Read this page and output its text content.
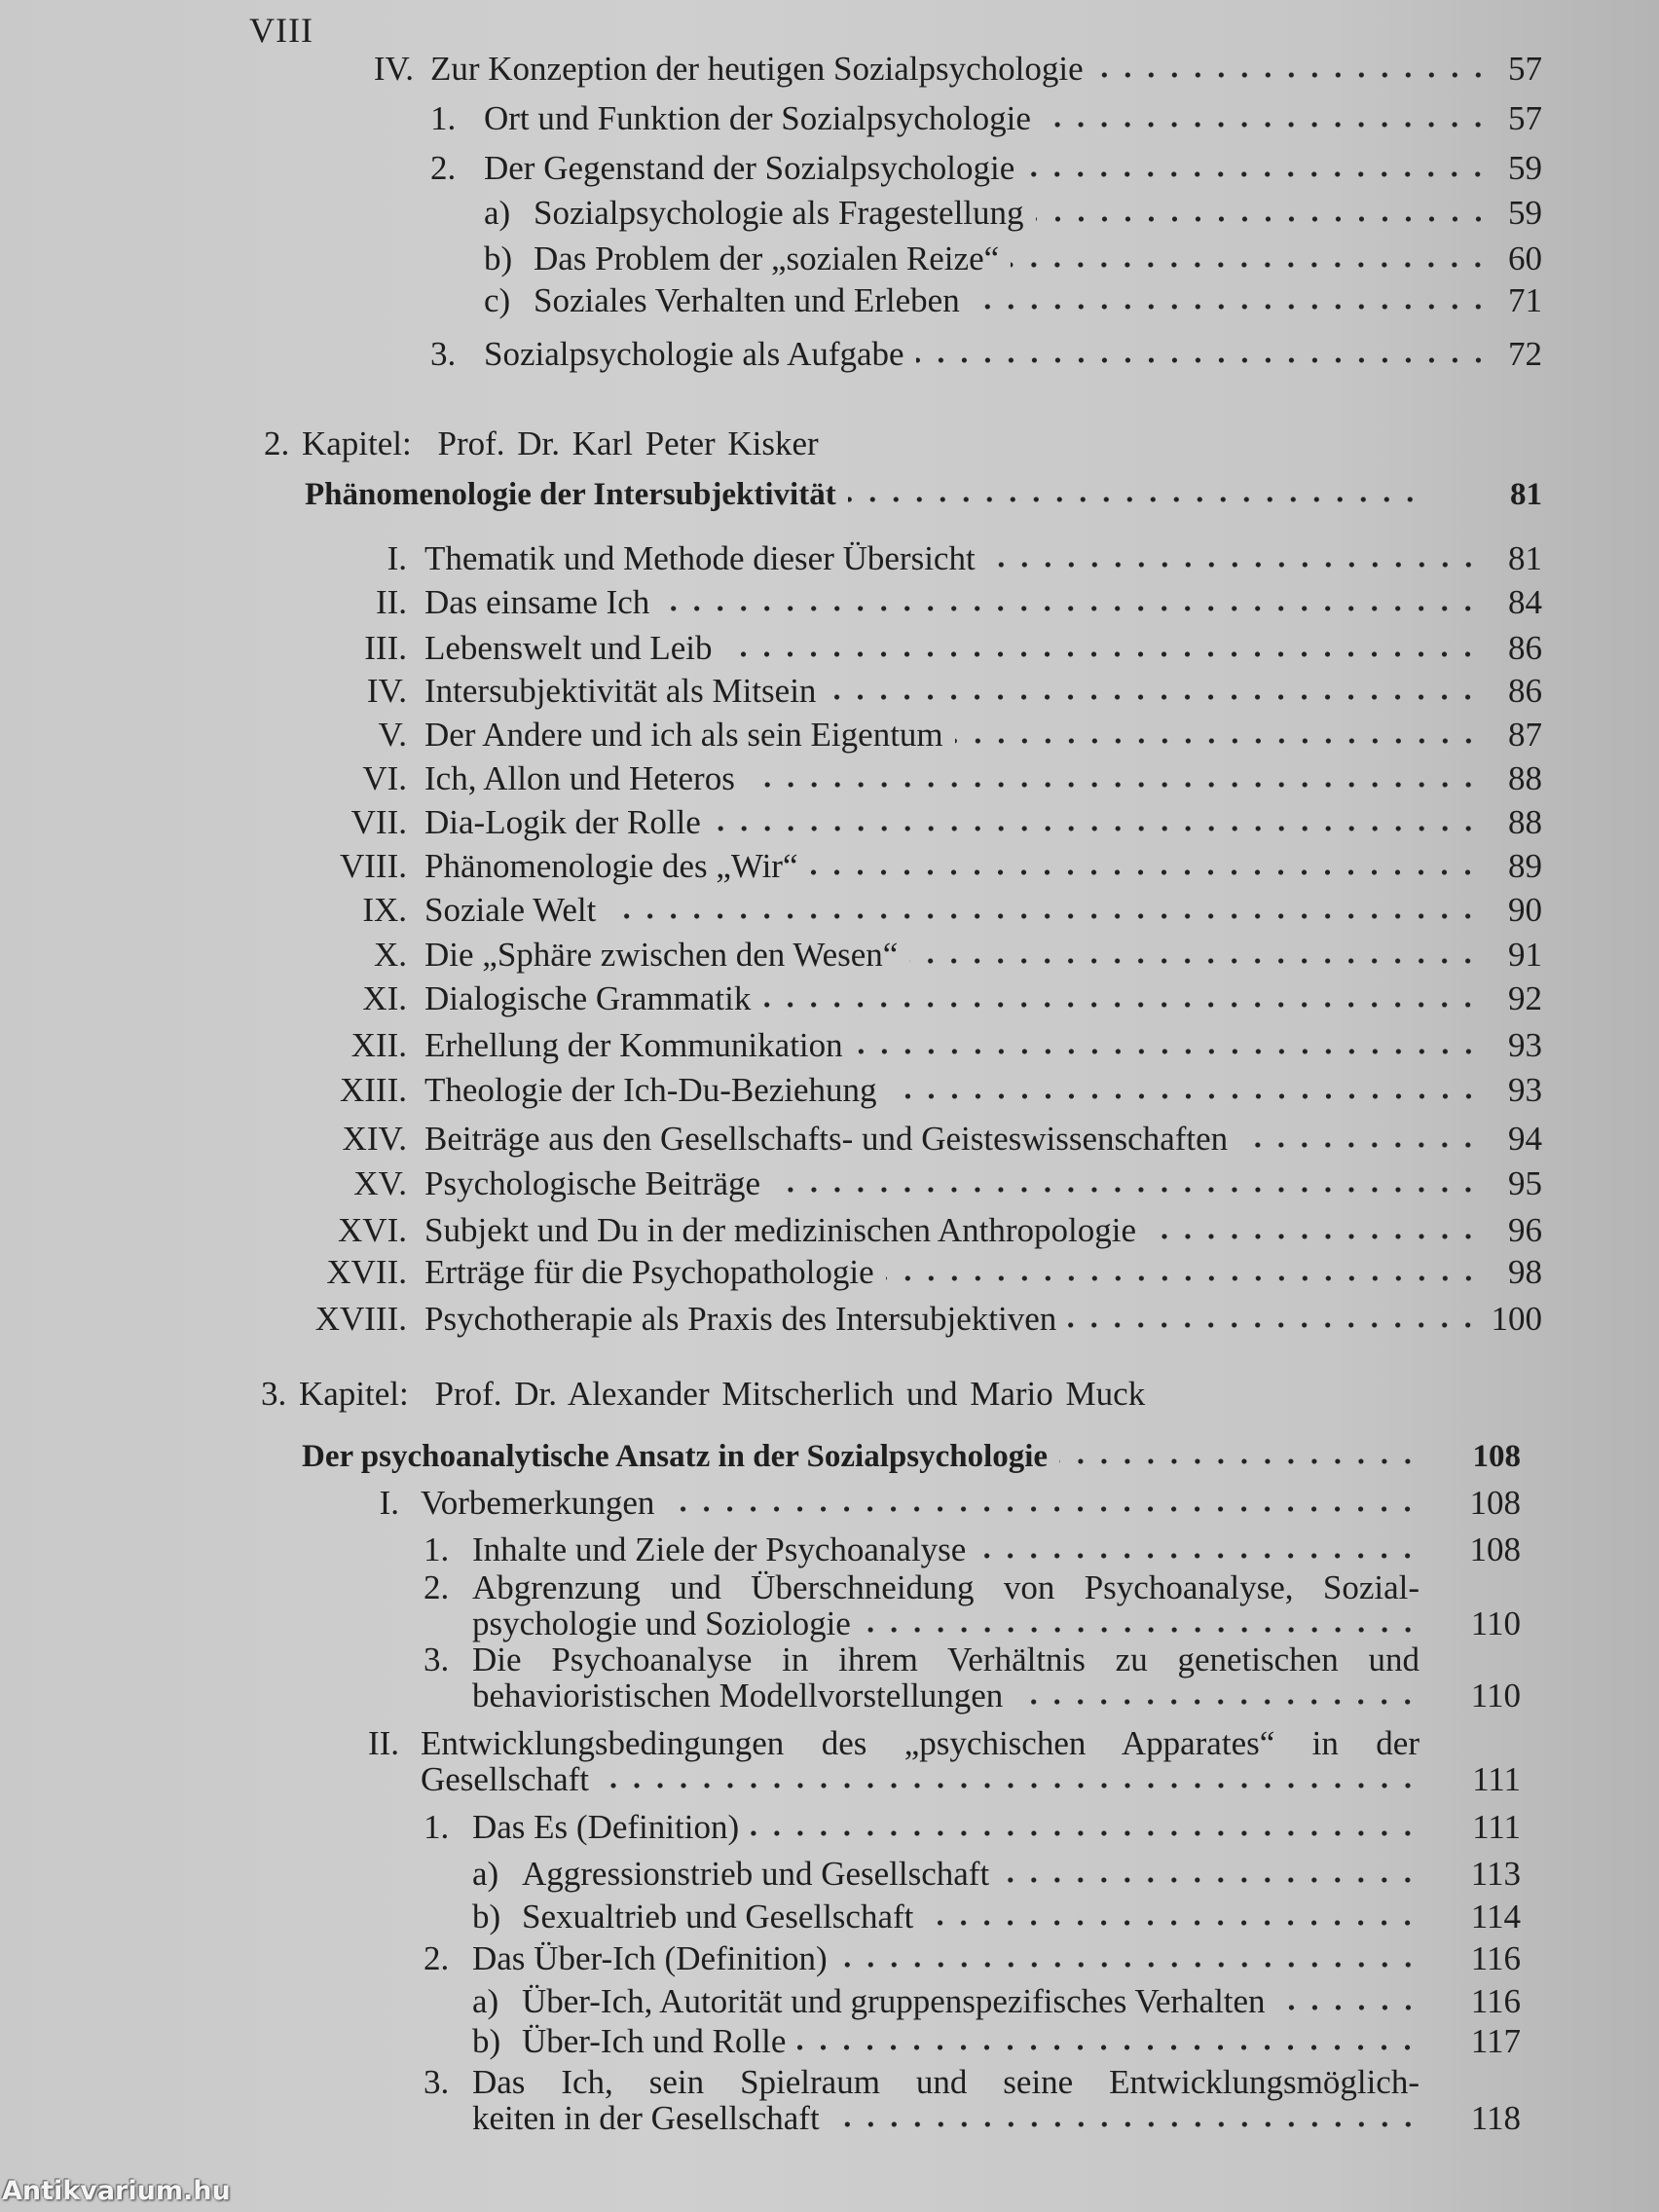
VIII
IV. Zur Konzeption der heutigen Sozialpsychologie	57
1. Ort und Funktion der Sozialpsychologie	57
2. Der Gegenstand der Sozialpsychologie	59
a) Sozialpsychologie als Fragestellung	59
b) Das Problem der „sozialen Reize“	60
c) Soziales Verhalten und Erleben	71
3. Sozialpsychologie als Aufgabe	72
2. Kapitel: Prof. Dr. Karl Peter Kisker
Phänomenologie der Intersubjektivität	81
I. Thematik und Methode dieser Übersicht	81
II. Das einsame Ich	84
III. Lebenswelt und Leib	86
IV. Intersubjektivität als Mitsein	86
V. Der Andere und ich als sein Eigentum	87
VI. Ich, Allon und Heteros	88
VII. Dia-Logik der Rolle	88
VIII. Phänomenologie des „Wir“	89
IX. Soziale Welt	90
X. Die „Sphäre zwischen den Wesen“	91
XI. Dialogische Grammatik	92
XII. Erhellung der Kommunikation	93
XIII. Theologie der Ich-Du-Beziehung	93
XIV. Beiträge aus den Gesellschafts- und Geisteswissenschaften	94
XV. Psychologische Beiträge	95
XVI. Subjekt und Du in der medizinischen Anthropologie	96
XVII. Erträge für die Psychopathologie	98
XVIII. Psychotherapie als Praxis des Intersubjektiven	100
3. Kapitel: Prof. Dr. Alexander Mitscherlich und Mario Muck
Der psychoanalytische Ansatz in der Sozialpsychologie	108
I. Vorbemerkungen	108
1. Inhalte und Ziele der Psychoanalyse	108
2. Abgrenzung und Überschneidung von Psychoanalyse, Sozial-
psychologie und Soziologie	110
3. Die Psychoanalyse in ihrem Verhältnis zu genetischen und
behavioristischen Modellvorstellungen	110
II. Entwicklungsbedingungen des „psychischen Apparates“ in der
Gesellschaft	111
1. Das Es (Definition)	111
a) Aggressionstrieb und Gesellschaft	113
b) Sexualtrieb und Gesellschaft	114
2. Das Über-Ich (Definition)	116
a) Über-Ich, Autorität und gruppenspezifisches Verhalten	116
b) Über-Ich und Rolle	117
3. Das Ich, sein Spielraum und seine Entwicklungsmöglich-
keiten in der Gesellschaft	118
Antikvarium.hu
